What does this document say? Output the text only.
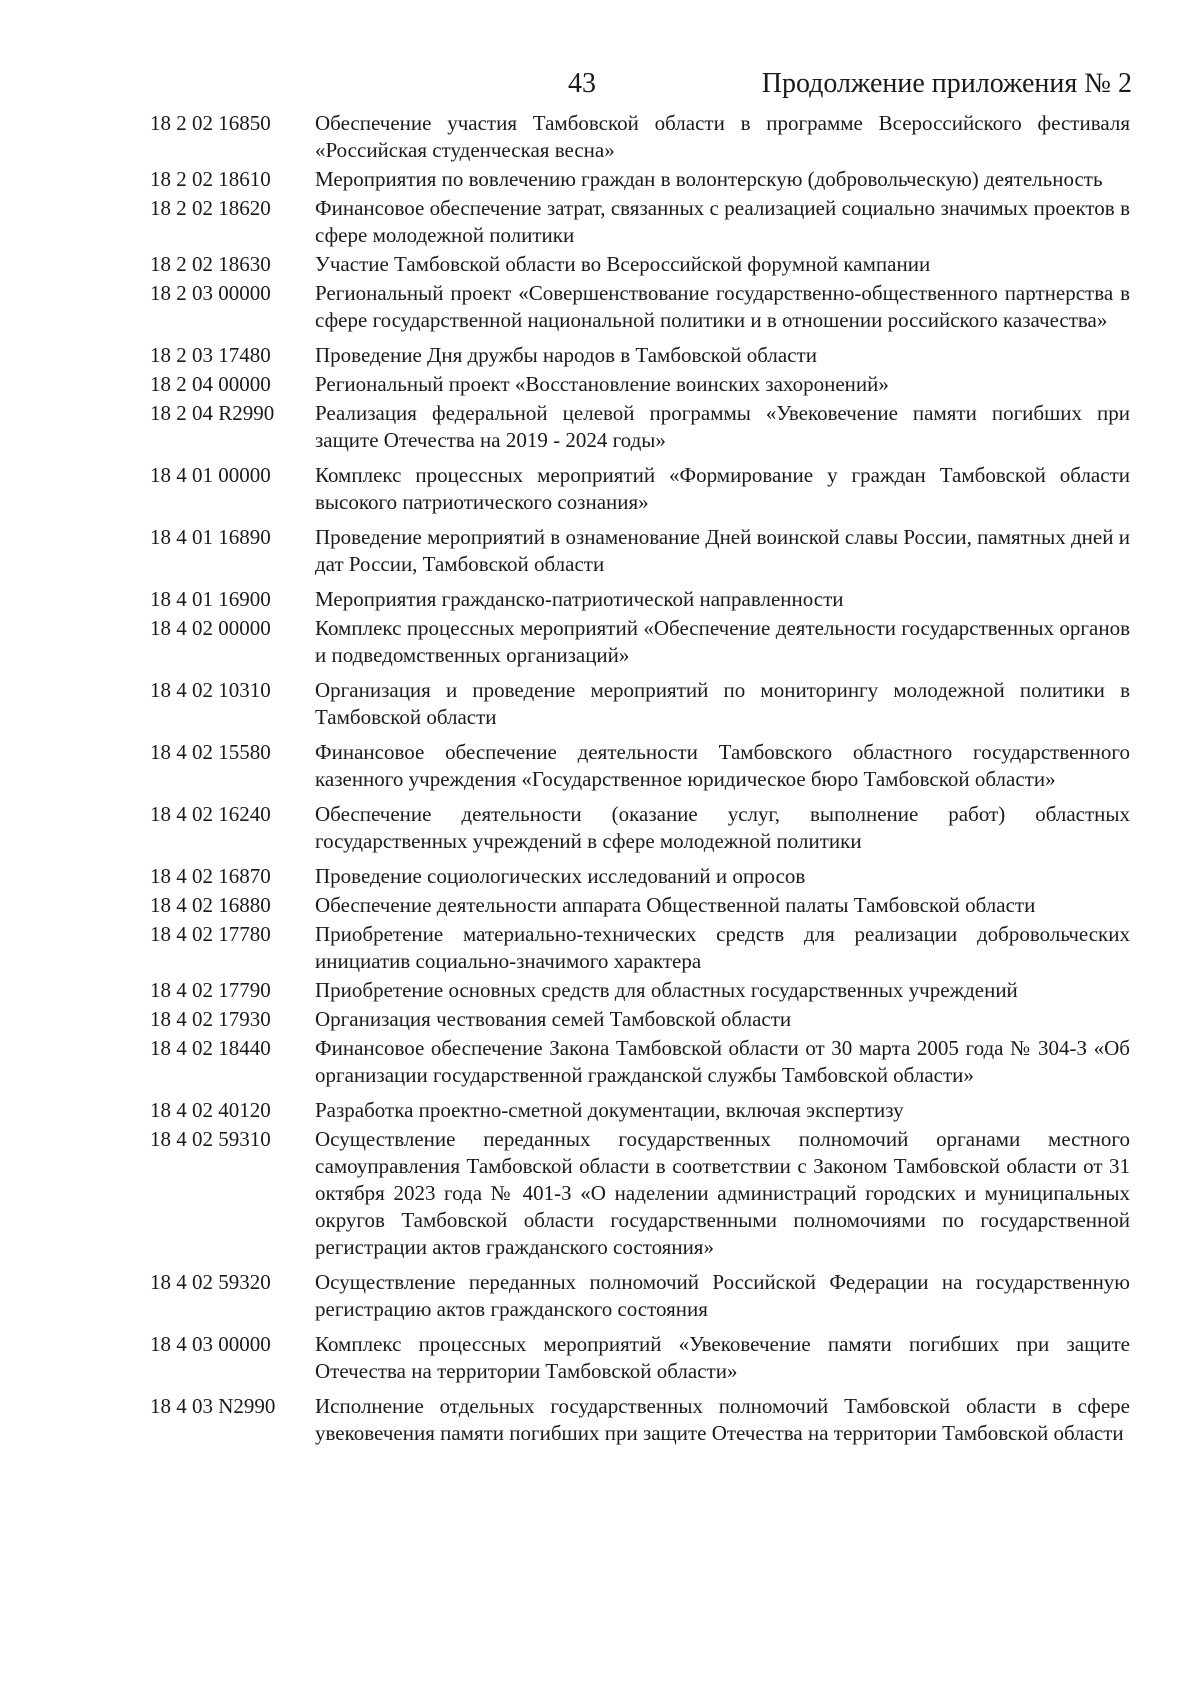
43	Продолжение приложения № 2
18 2 02 16850	Обеспечение участия Тамбовской области в программе Всероссийского фестиваля «Российская студенческая весна»
18 2 02 18610	Мероприятия по вовлечению граждан в волонтерскую (добровольческую) деятельность
18 2 02 18620	Финансовое обеспечение затрат, связанных с реализацией социально значимых проектов в сфере молодежной политики
18 2 02 18630	Участие Тамбовской области во Всероссийской форумной кампании
18 2 03 00000	Региональный проект «Совершенствование государственно-общественного партнерства в сфере государственной национальной политики и в отношении российского казачества»
18 2 03 17480	Проведение Дня дружбы народов в Тамбовской области
18 2 04 00000	Региональный проект «Восстановление воинских захоронений»
18 2 04 R2990	Реализация федеральной целевой программы «Увековечение памяти погибших при защите Отечества на 2019 - 2024 годы»
18 4 01 00000	Комплекс процессных мероприятий «Формирование у граждан Тамбовской области высокого патриотического сознания»
18 4 01 16890	Проведение мероприятий в ознаменование Дней воинской славы России, памятных дней и дат России, Тамбовской области
18 4 01 16900	Мероприятия гражданско-патриотической направленности
18 4 02 00000	Комплекс процессных мероприятий «Обеспечение деятельности государственных органов и подведомственных организаций»
18 4 02 10310	Организация и проведение мероприятий по мониторингу молодежной политики в Тамбовской области
18 4 02 15580	Финансовое обеспечение деятельности Тамбовского областного государственного казенного учреждения «Государственное юридическое бюро Тамбовской области»
18 4 02 16240	Обеспечение деятельности (оказание услуг, выполнение работ) областных государственных учреждений в сфере молодежной политики
18 4 02 16870	Проведение социологических исследований и опросов
18 4 02 16880	Обеспечение деятельности аппарата Общественной палаты Тамбовской области
18 4 02 17780	Приобретение материально-технических средств для реализации добровольческих инициатив социально-значимого характера
18 4 02 17790	Приобретение основных средств для областных государственных учреждений
18 4 02 17930	Организация чествования семей Тамбовской области
18 4 02 18440	Финансовое обеспечение Закона Тамбовской области от 30 марта 2005 года № 304-З «Об организации государственной гражданской службы Тамбовской области»
18 4 02 40120	Разработка проектно-сметной документации, включая экспертизу
18 4 02 59310	Осуществление переданных государственных полномочий органами местного самоуправления Тамбовской области в соответствии с Законом Тамбовской области от 31 октября 2023 года № 401-З «О наделении администраций городских и муниципальных округов Тамбовской области государственными полномочиями по государственной регистрации актов гражданского состояния»
18 4 02 59320	Осуществление переданных полномочий Российской Федерации на государственную регистрацию актов гражданского состояния
18 4 03 00000	Комплекс процессных мероприятий «Увековечение памяти погибших при защите Отечества на территории Тамбовской области»
18 4 03 N2990	Исполнение отдельных государственных полномочий Тамбовской области в сфере увековечения памяти погибших при защите Отечества на территории Тамбовской области
